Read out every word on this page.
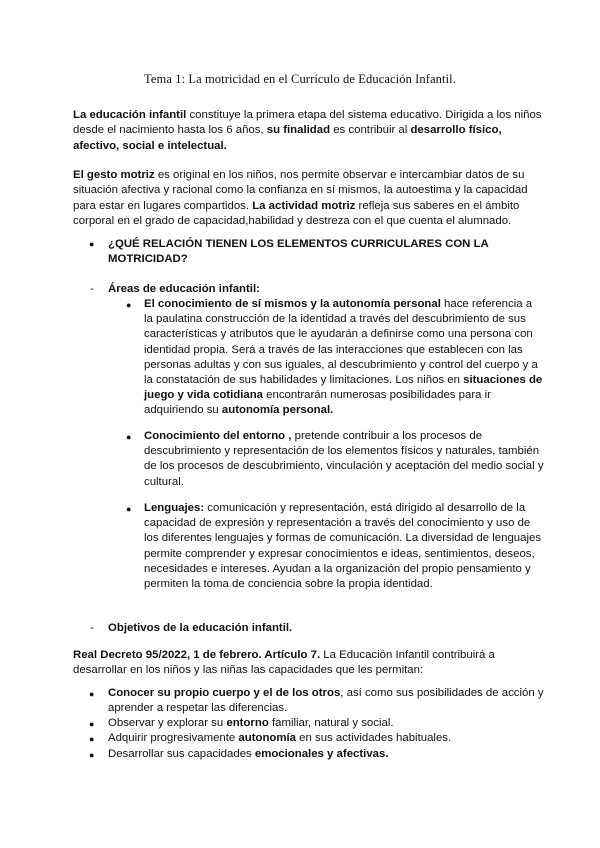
Tema 1: La motricidad en el Currículo de Educación Infantil.

La educación infantil constituye la primera etapa del sistema educativo. Dirigida a los niños desde el nacimiento hasta los 6 años, su finalidad es contribuir al desarrollo físico, afectivo, social e intelectual.

El gesto motriz es original en los niños, nos permite observar e intercambiar datos de su situación afectiva y racional como la confianza en sí mismos, la autoestima y la capacidad para estar en lugares compartidos. La actividad motriz refleja sus saberes en el ámbito corporal en el grado de capacidad,habilidad y destreza con el que cuenta el alumnado.

● ¿QUÉ RELACIÓN TIENEN LOS ELEMENTOS CURRICULARES CON LA MOTRICIDAD?

- Áreas de educación infantil:

● El conocimiento de sí mismos y la autonomía personal hace referencia a la paulatina construcción de la identidad a través del descubrimiento de sus características y atributos que le ayudarán a definirse como una persona con identidad propia. Será a través de las interacciones que establecen con las personas adultas y con sus iguales, al descubrimiento y control del cuerpo y a la constatación de sus habilidades y limitaciones. Los niños en situaciones de juego y vida cotidiana encontrarán numerosas posibilidades para ir adquiriendo su autonomía personal.

● Conocimiento del entorno , pretende contribuir a los procesos de descubrimiento y representación de los elementos físicos y naturales, también de los procesos de descubrimiento, vinculación y aceptación del medio social y cultural.

● Lenguajes: comunicación y representación, está dirigido al desarrollo de la capacidad de expresión y representación a través del conocimiento y uso de los diferentes lenguajes y formas de comunicación. La diversidad de lenguajes permite comprender y expresar conocimientos e ideas, sentimientos, deseos, necesidades e intereses. Ayudan a la organización del propio pensamiento y permiten la toma de conciencia sobre la propia identidad.

- Objetivos de la educación infantil.

Real Decreto 95/2022, 1 de febrero. Artículo 7. La Educación Infantil contribuirá a desarrollar en los niños y las niñas las capacidades que les permitan:

● Conocer su propio cuerpo y el de los otros, así como sus posibilidades de acción y aprender a respetar las diferencias.

● Observar y explorar su entorno familiar, natural y social.

● Adquirir progresivamente autonomía en sus actividades habituales.

● Desarrollar sus capacidades emocionales y afectivas.
